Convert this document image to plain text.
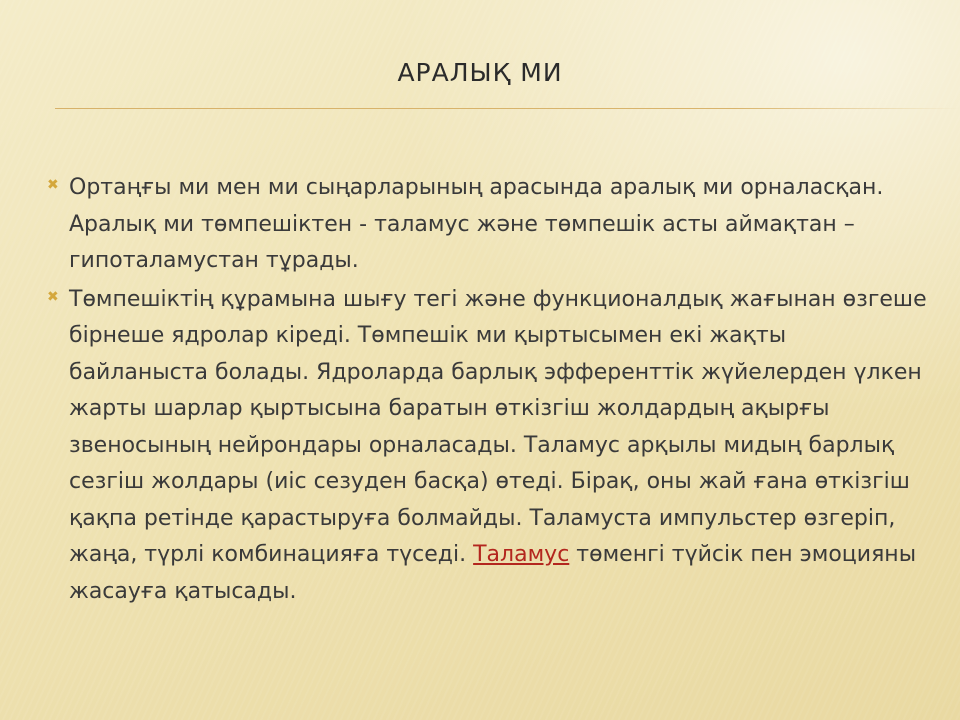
АРАЛЫҚ МИ
✖ Ортаңғы ми мен ми сыңарларының арасында аралық ми орналасқан. Аралық ми төмпешіктен - таламус және төмпешік асты аймақтан – гипоталамустан тұрады.
✖ Төмпешіктің құрамына шығу тегі және функционалдық жағынан өзгеше бірнеше ядролар кіреді. Төмпешік ми қыртысымен екі жақты байланыста болады. Ядроларда барлық эфференттік жүйелерден үлкен жарты шарлар қыртысына баратын өткізгіш жолдардың ақырғы звеносының нейрондары орналасады. Таламус арқылы мидың барлық сезгіш жолдары (иіс сезуден басқа) өтеді. Бірақ, оны жай ғана өткізгіш қақпа ретінде қарастыруға болмайды. Таламуста импульстер өзгеріп, жаңа, түрлі комбинацияға түседі. Таламус төменгі түйсік пен эмоцияны жасауға қатысады.
